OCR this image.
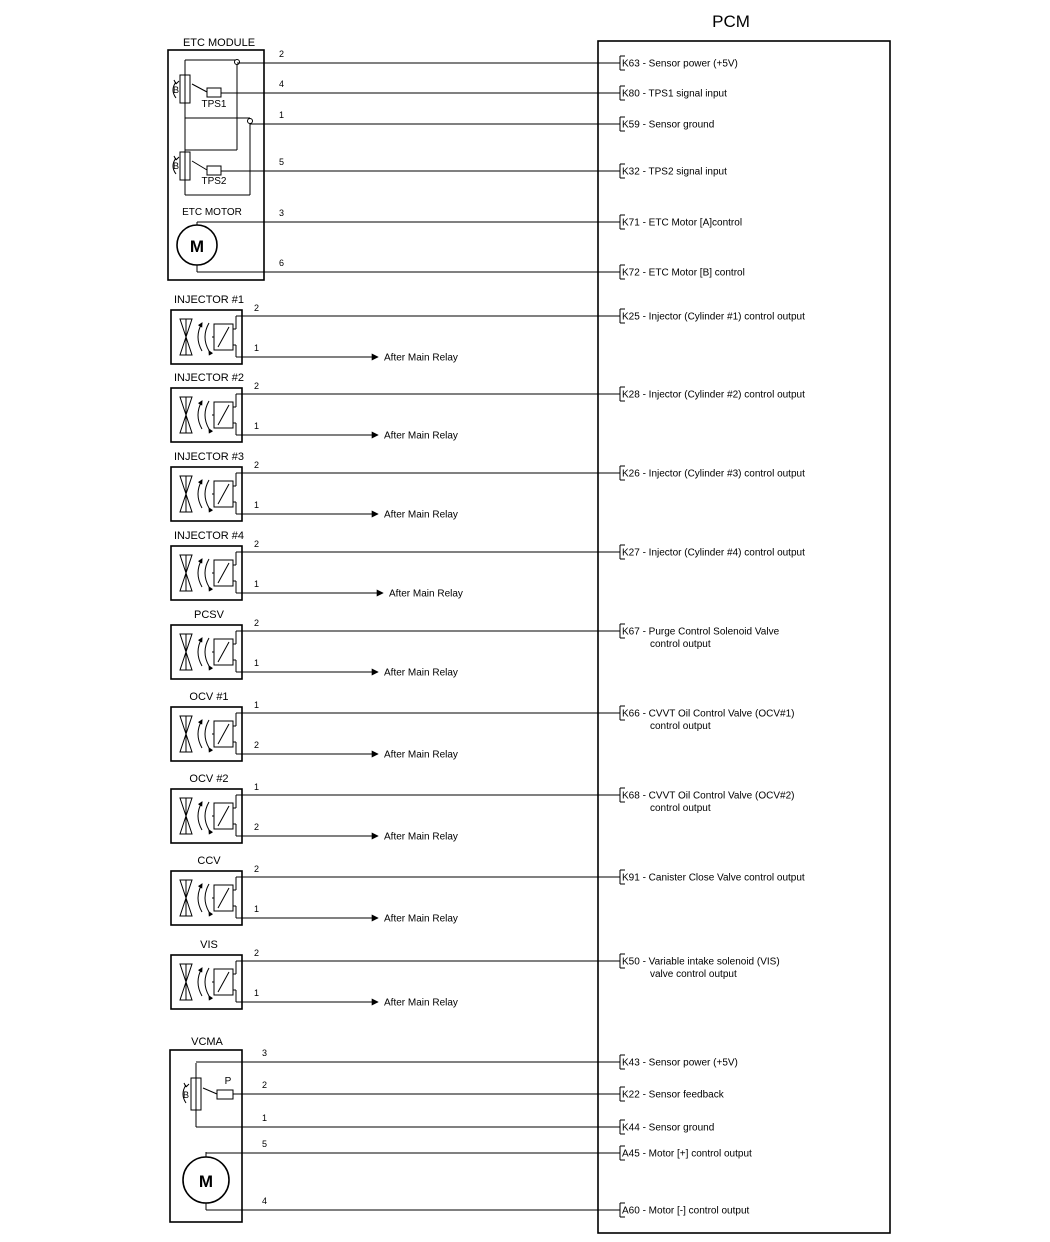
PCM
ETC MODULE
B
TPS1
B
TPS2
ETC MOTOR
M
2
K63 - Sensor power (+5V)
4
K80 - TPS1 signal input
1
K59 - Sensor ground
5
K32 - TPS2 signal input
3
K71 - ETC Motor [A]control
6
K72 - ETC Motor [B] control
INJECTOR #1
After Main Relay
2
1
K25 - Injector (Cylinder #1) control output
INJECTOR #2
After Main Relay
2
1
K28 - Injector (Cylinder #2) control output
INJECTOR #3
After Main Relay
2
1
K26 - Injector (Cylinder #3) control output
INJECTOR #4
After Main Relay
2
1
K27 - Injector (Cylinder #4) control output
PCSV
After Main Relay
2
1
K67 - Purge Control Solenoid Valve
control output
OCV #1
After Main Relay
1
2
K66 - CVVT Oil Control Valve (OCV#1)
control output
OCV #2
After Main Relay
1
2
K68 - CVVT Oil Control Valve (OCV#2)
control output
CCV
After Main Relay
2
1
K91 - Canister Close Valve control output
VIS
After Main Relay
2
1
K50 - Variable intake solenoid (VIS)
valve control output
VCMA
B
P
M
3
K43 - Sensor power (+5V)
2
K22 - Sensor feedback
1
K44 - Sensor ground
5
A45 - Motor [+] control output
4
A60 - Motor [-] control output
